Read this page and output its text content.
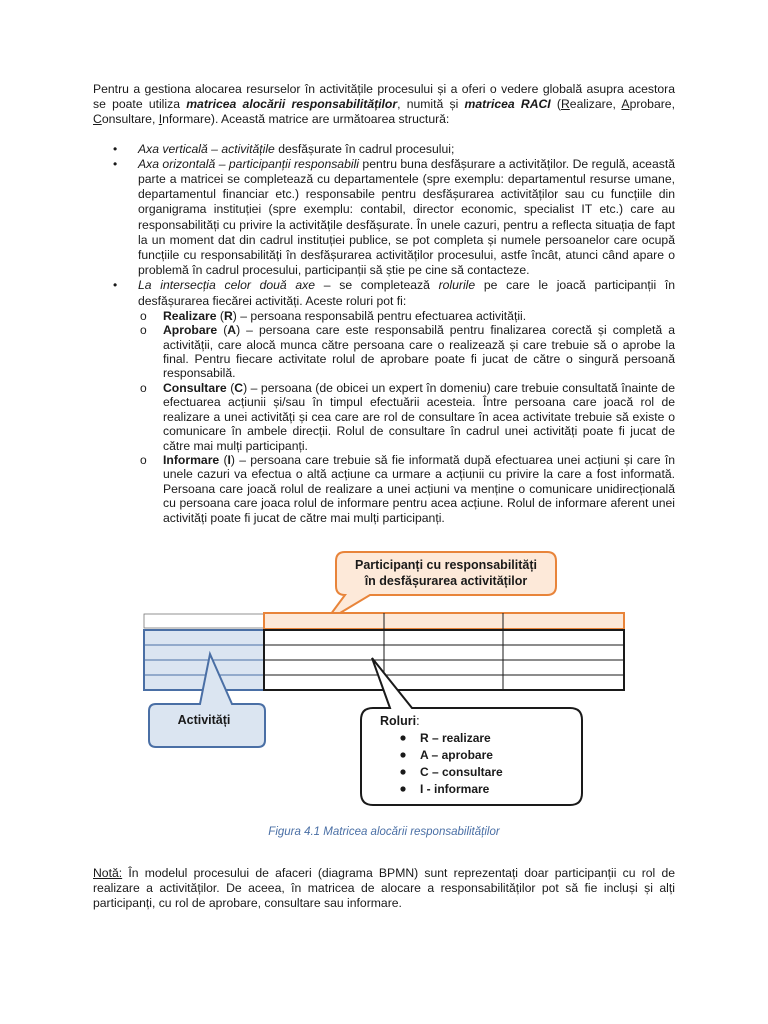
Pentru a gestiona alocarea resurselor în activitățile procesului și a oferi o vedere globală asupra acestora se poate utiliza matricea alocării responsabilităților, numită și matricea RACI (Realizare, Aprobare, Consultare, Informare). Această matrice are următoarea structură:

• Axa verticală – activitățile desfășurate în cadrul procesului;
• Axa orizontală – participanții responsabili pentru buna desfășurare a activităților. De regulă, această parte a matricei se completează cu departamentele (spre exemplu: departamentul resurse umane, departamentul financiar etc.) responsabile pentru desfășurarea activităților sau cu funcțiile din organigrama instituției (spre exemplu: contabil, director economic, specialist IT etc.) care au responsabilități cu privire la activitățile desfășurate. În unele cazuri, pentru a reflecta situația de fapt la un moment dat din cadrul instituției publice, se pot completa și numele persoanelor care ocupă funcțiile cu responsabilități în desfășurarea activităților procesului, astfe încât, atunci când apare o problemă în cadrul procesului, participanții să știe pe cine să contacteze.
• La intersecția celor două axe – se completează rolurile pe care le joacă participanții în desfășurarea fiecărei activități. Aceste roluri pot fi:
o Realizare (R) – persoana responsabilă pentru efectuarea activității.
o Aprobare (A) – persoana care este responsabilă pentru finalizarea corectă și completă a activității, care alocă munca către persoana care o realizează și care trebuie să o aprobe la final. Pentru fiecare activitate rolul de aprobare poate fi jucat de către o singură persoană responsabilă.
o Consultare (C) – persoana (de obicei un expert în domeniu) care trebuie consultată înainte de efectuarea acțiunii și/sau în timpul efectuării acesteia. Între persoana care joacă rol de realizare a unei activități și cea care are rol de consultare în acea activitate trebuie să existe o comunicare în ambele direcții. Rolul de consultare în cadrul unei activități poate fi jucat de către mai mulți participanți.
o Informare (I) – persoana care trebuie să fie informată după efectuarea unei acțiuni și care în unele cazuri va efectua o altă acțiune ca urmare a acțiunii cu privire la care a fost informată. Persoana care joacă rolul de realizare a unei acțiuni va menține o comunicare unidirecțională cu persoana care joaca rolul de informare pentru acea acțiune. Rolul de informare aferent unei activități poate fi jucat de către mai mulți participanți.
Participanți cu responsabilități
în desfășurarea activităților
Activități	Roluri:
R – realizare
A – aprobare
C – consultare
I - informare
Figura 4.1 Matricea alocării responsabilităților

Notă: În modelul procesului de afaceri (diagrama BPMN) sunt reprezentați doar participanții cu rol de realizare a activităților. De aceea, în matricea de alocare a responsabilităților pot să fie incluși și alți participanți, cu rol de aprobare, consultare sau informare.
